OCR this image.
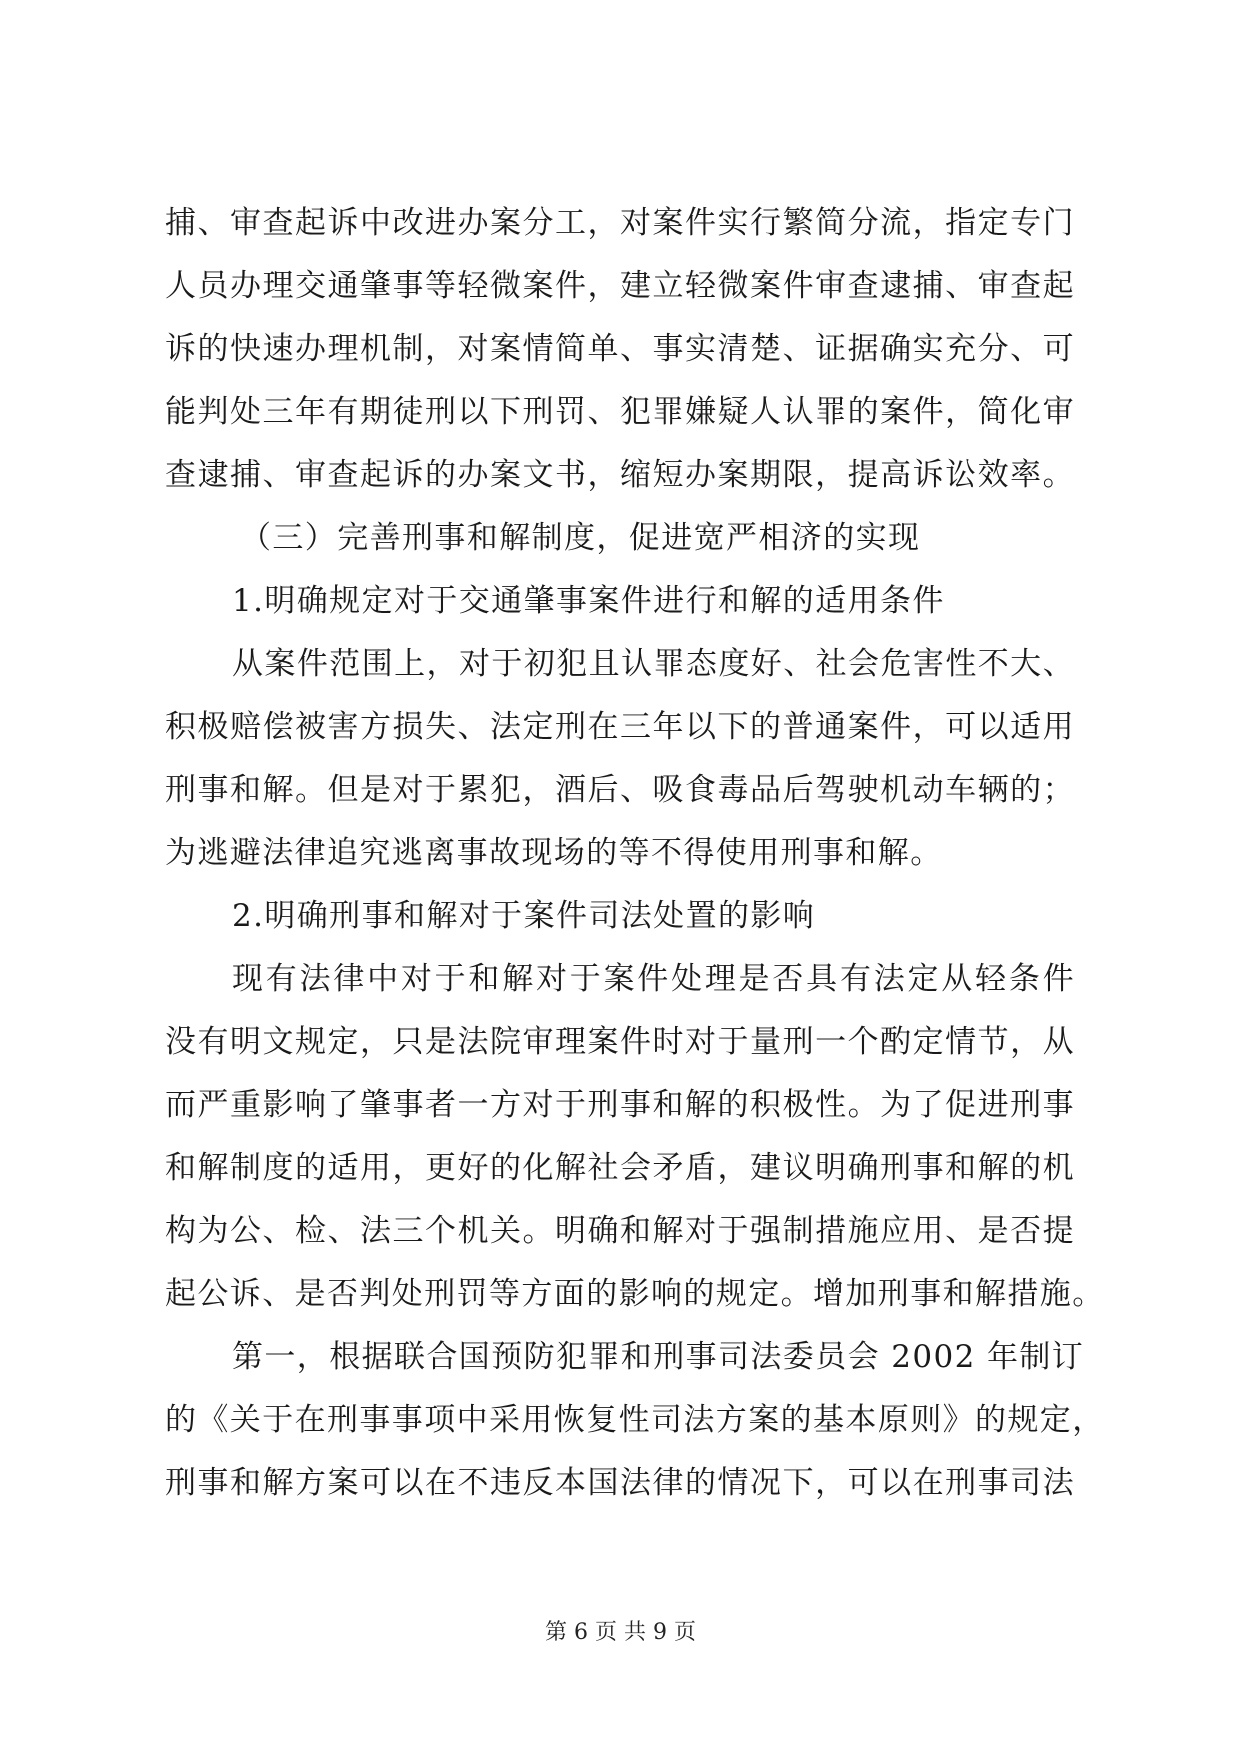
捕、审查起诉中改进办案分工，对案件实行繁简分流，指定专门
人员办理交通肇事等轻微案件，建立轻微案件审查逮捕、审查起
诉的快速办理机制，对案情简单、事实清楚、证据确实充分、可
能判处三年有期徒刑以下刑罚、犯罪嫌疑人认罪的案件，简化审
查逮捕、审查起诉的办案文书，缩短办案期限，提高诉讼效率。
（三）完善刑事和解制度，促进宽严相济的实现
1.明确规定对于交通肇事案件进行和解的适用条件
从案件范围上，对于初犯且认罪态度好、社会危害性不大、
积极赔偿被害方损失、法定刑在三年以下的普通案件，可以适用
刑事和解。但是对于累犯，酒后、吸食毒品后驾驶机动车辆的；
为逃避法律追究逃离事故现场的等不得使用刑事和解。
2.明确刑事和解对于案件司法处置的影响
现有法律中对于和解对于案件处理是否具有法定从轻条件
没有明文规定，只是法院审理案件时对于量刑一个酌定情节，从
而严重影响了肇事者一方对于刑事和解的积极性。为了促进刑事
和解制度的适用，更好的化解社会矛盾，建议明确刑事和解的机
构为公、检、法三个机关。明确和解对于强制措施应用、是否提
起公诉、是否判处刑罚等方面的影响的规定。增加刑事和解措施。
第一，根据联合国预防犯罪和刑事司法委员会 2002 年制订
的《关于在刑事事项中采用恢复性司法方案的基本原则》的规定，
刑事和解方案可以在不违反本国法律的情况下，可以在刑事司法
第 6 页 共 9 页
